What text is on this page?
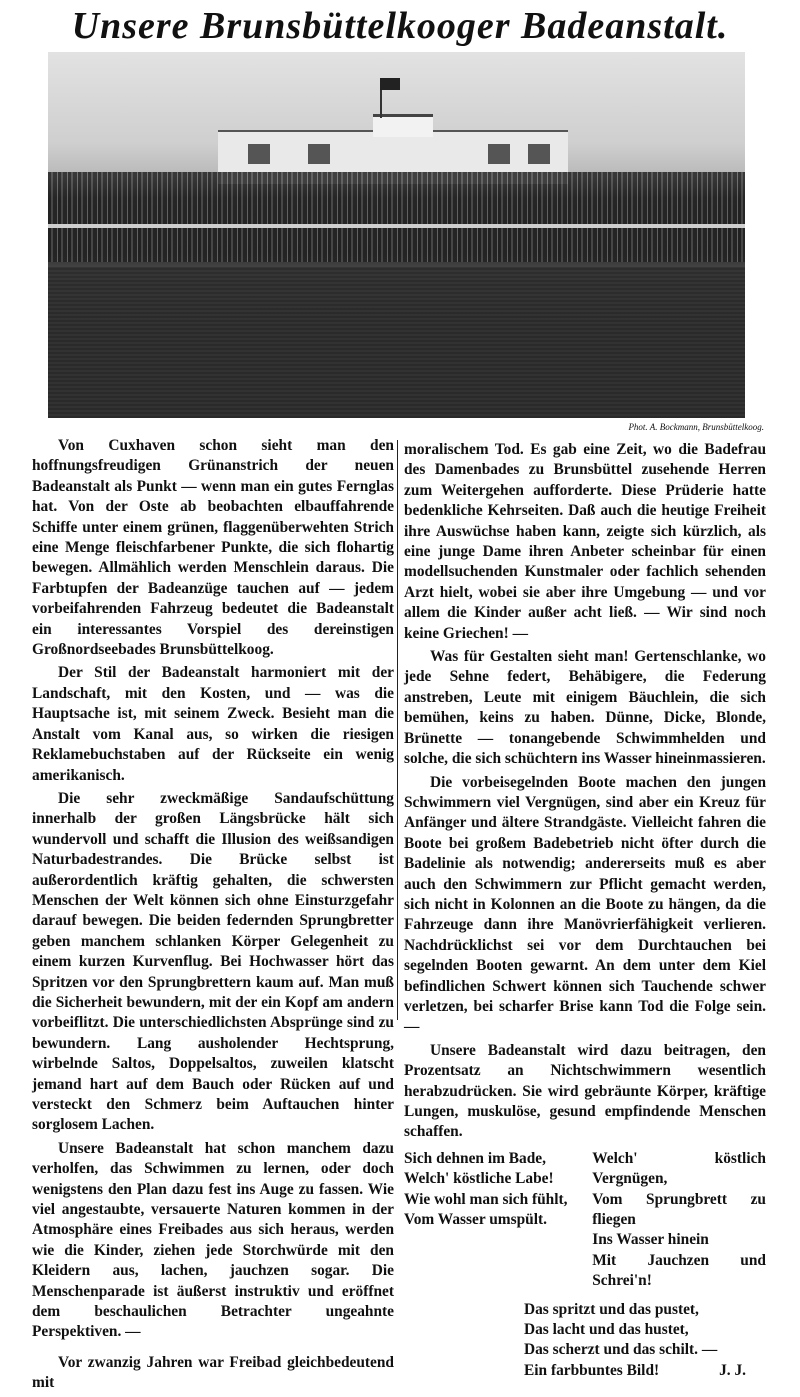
Unsere Brunsbüttelkooger Badeanstalt.
Phot. A. Bockmann, Brunsbüttelkoog.

Von Cuxhaven schon sieht man den hoffnungsfreudigen Grünanstrich der neuen Badeanstalt als Punkt — wenn man ein gutes Fernglas hat. Von der Oste ab beobachten elbauffahrende Schiffe unter einem grünen, flaggenüberwehten Strich eine Menge fleischfarbener Punkte, die sich flohartig bewegen. Allmählich werden Menschlein daraus. Die Farbtupfen der Badeanzüge tauchen auf — jedem vorbeifahrenden Fahrzeug bedeutet die Badeanstalt ein interessantes Vorspiel des dereinstigen Großnordseebades Brunsbüttelkoog.

Der Stil der Badeanstalt harmoniert mit der Landschaft, mit den Kosten, und — was die Hauptsache ist, mit seinem Zweck. Besieht man die Anstalt vom Kanal aus, so wirken die riesigen Reklamebuchstaben auf der Rückseite ein wenig amerikanisch.

Die sehr zweckmäßige Sandaufschüttung innerhalb der großen Längsbrücke hält sich wundervoll und schafft die Illusion des weißsandigen Naturbadestrandes. Die Brücke selbst ist außerordentlich kräftig gehalten, die schwersten Menschen der Welt können sich ohne Einsturzgefahr darauf bewegen. Die beiden federnden Sprungbretter geben manchem schlanken Körper Gelegenheit zu einem kurzen Kurvenflug. Bei Hochwasser hört das Spritzen vor den Sprungbrettern kaum auf. Man muß die Sicherheit bewundern, mit der ein Kopf am andern vorbeiflitzt. Die unterschiedlichsten Absprünge sind zu bewundern. Lang ausholender Hechtsprung, wirbelnde Saltos, Doppelsaltos, zuweilen klatscht jemand hart auf dem Bauch oder Rücken auf und versteckt den Schmerz beim Auftauchen hinter sorglosem Lachen.

Unsere Badeanstalt hat schon manchem dazu verholfen, das Schwimmen zu lernen, oder doch wenigstens den Plan dazu fest ins Auge zu fassen. Wie viel angestaubte, versauerte Naturen kommen in der Atmosphäre eines Freibades aus sich heraus, werden wie die Kinder, ziehen jede Storchwürde mit den Kleidern aus, lachen, jauchzen sogar. Die Menschenparade ist äußerst instruktiv und eröffnet dem beschaulichen Betrachter ungeahnte Perspektiven. —

Vor zwanzig Jahren war Freibad gleichbedeutend mit

moralischem Tod. Es gab eine Zeit, wo die Badefrau des Damenbades zu Brunsbüttel zusehende Herren zum Weitergehen aufforderte. Diese Prüderie hatte bedenkliche Kehrseiten. Daß auch die heutige Freiheit ihre Auswüchse haben kann, zeigte sich kürzlich, als eine junge Dame ihren Anbeter scheinbar für einen modellsuchenden Kunstmaler oder fachlich sehenden Arzt hielt, wobei sie aber ihre Umgebung — und vor allem die Kinder außer acht ließ. — Wir sind noch keine Griechen! —

Was für Gestalten sieht man! Gertenschlanke, wo jede Sehne federt, Behäbigere, die Federung anstreben, Leute mit einigem Bäuchlein, die sich bemühen, keins zu haben. Dünne, Dicke, Blonde, Brünette — tonangebende Schwimmhelden und solche, die sich schüchtern ins Wasser hineinmassieren.

Die vorbeisegelnden Boote machen den jungen Schwimmern viel Vergnügen, sind aber ein Kreuz für Anfänger und ältere Strandgäste. Vielleicht fahren die Boote bei großem Badebetrieb nicht öfter durch die Badelinie als notwendig; andererseits muß es aber auch den Schwimmern zur Pflicht gemacht werden, sich nicht in Kolonnen an die Boote zu hängen, da die Fahrzeuge dann ihre Manövrierfähigkeit verlieren. Nachdrücklichst sei vor dem Durchtauchen bei segelnden Booten gewarnt. An dem unter dem Kiel befindlichen Schwert können sich Tauchende schwer verletzen, bei scharfer Brise kann Tod die Folge sein. —

Unsere Badeanstalt wird dazu beitragen, den Prozentsatz an Nichtschwimmern wesentlich herabzudrücken. Sie wird gebräunte Körper, kräftige Lungen, muskulöse, gesund empfindende Menschen schaffen.

Sich dehnen im Bade,
Welch' köstliche Labe!
Wie wohl man sich fühlt,
Vom Wasser umspült.
Welch' köstlich Vergnügen,
Vom Sprungbrett zu fliegen
Ins Wasser hinein
Mit Jauchzen und Schrei'n!
Das spritzt und das pustet,
Das lacht und das hustet,
Das scherzt und das schilt. —
Ein farbbuntes Bild!	J. J.
